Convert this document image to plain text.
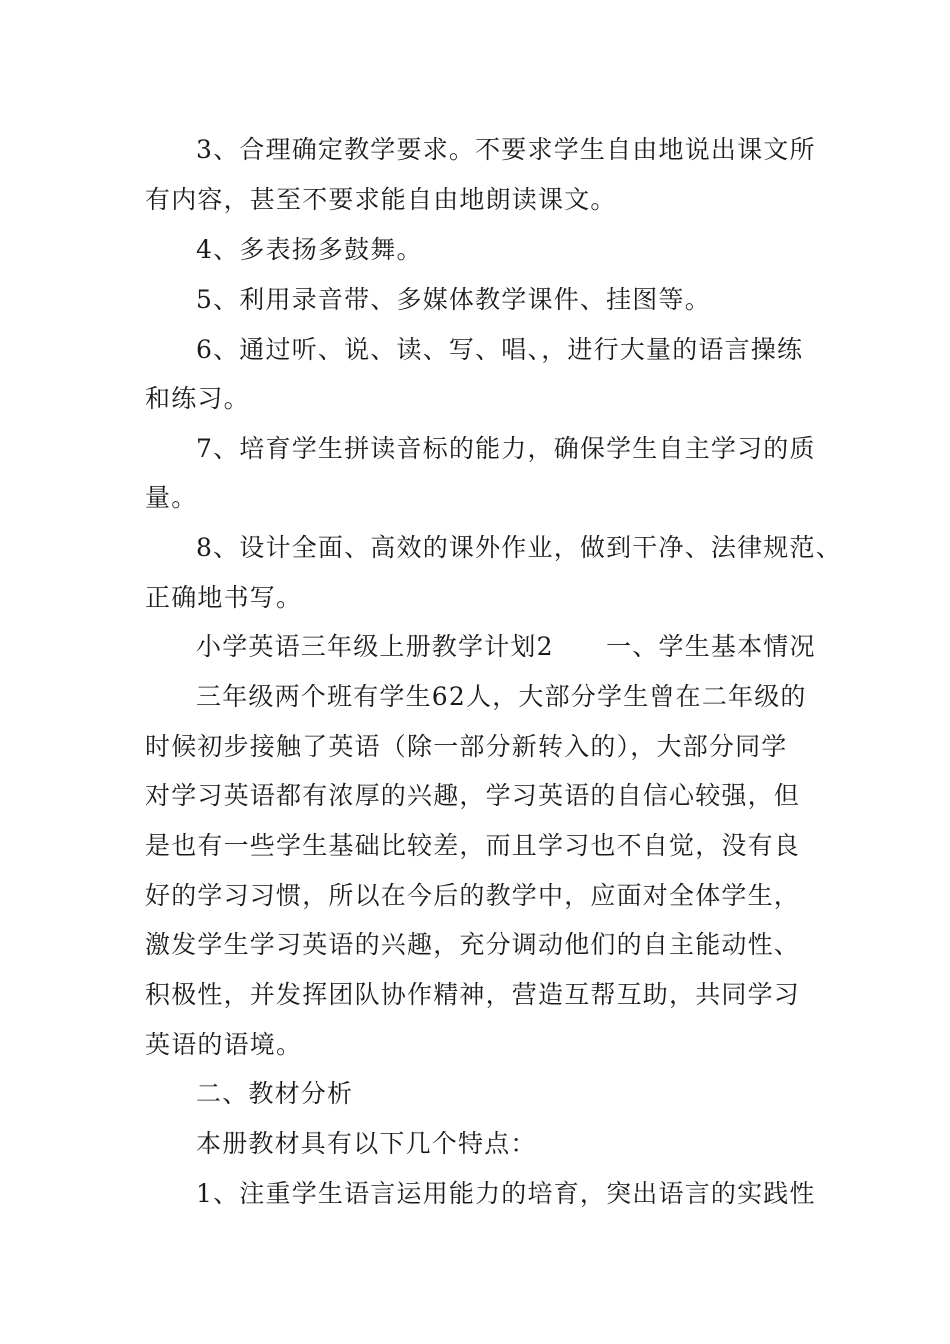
3、合理确定教学要求。不要求学生自由地说出课文所
有内容，甚至不要求能自由地朗读课文。
4、多表扬多鼓舞。
5、利用录音带、多媒体教学课件、挂图等。
6、通过听、说、读、写、唱、，进行大量的语言操练
和练习。
7、培育学生拼读音标的能力，确保学生自主学习的质
量。
8、设计全面、高效的课外作业，做到干净、法律规范、
正确地书写。
小学英语三年级上册教学计划2　　一、学生基本情况
三年级两个班有学生62人，大部分学生曾在二年级的
时候初步接触了英语（除一部分新转入的），大部分同学
对学习英语都有浓厚的兴趣，学习英语的自信心较强，但
是也有一些学生基础比较差，而且学习也不自觉，没有良
好的学习习惯，所以在今后的教学中，应面对全体学生，
激发学生学习英语的兴趣，充分调动他们的自主能动性、
积极性，并发挥团队协作精神，营造互帮互助，共同学习
英语的语境。
二、教材分析
本册教材具有以下几个特点：
1、注重学生语言运用能力的培育，突出语言的实践性
